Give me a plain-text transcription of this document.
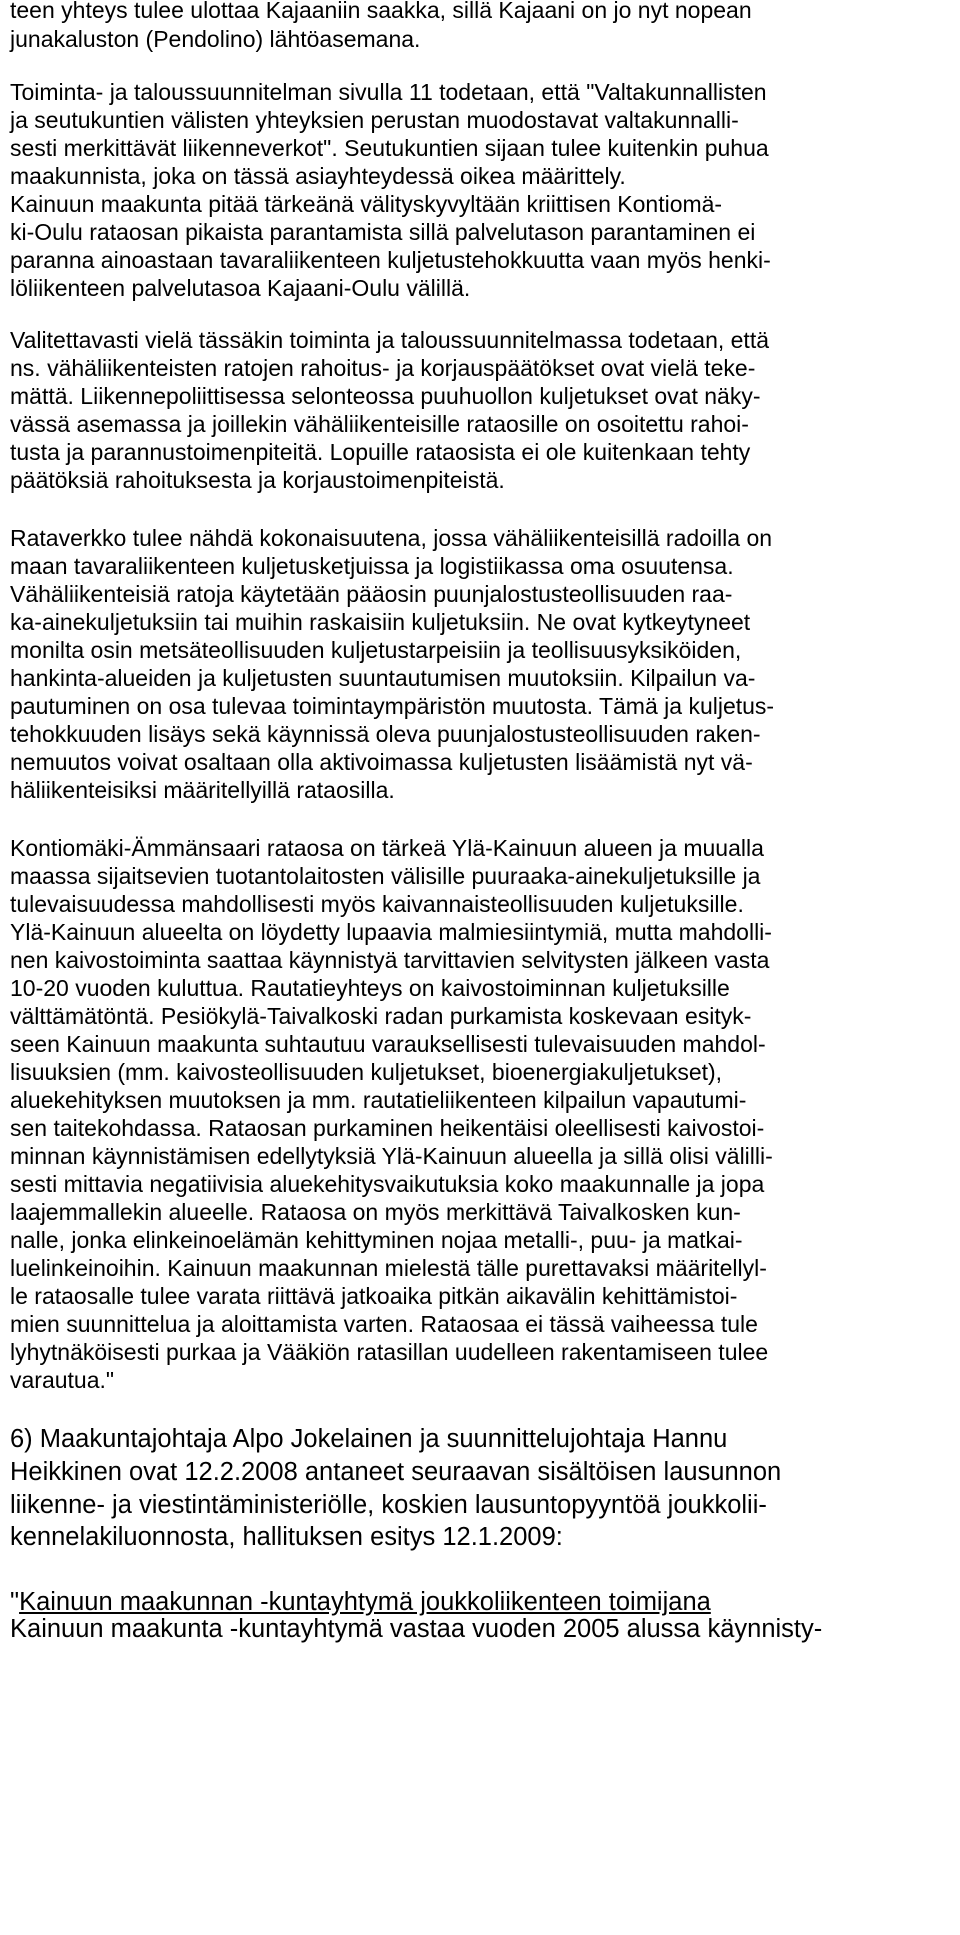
teen yhteys tulee ulottaa Kajaaniin saakka, sillä Kajaani on jo nyt nopean

junakaluston (Pendolino) lähtöasemana.

Toiminta- ja taloussuunnitelman sivulla 11 todetaan, että "Valtakunnallisten

ja seutukuntien välisten yhteyksien perustan muodostavat valtakunnalli-

sesti merkittävät liikenneverkot". Seutukuntien sijaan tulee kuitenkin puhua

maakunnista, joka on tässä asiayhteydessä oikea määrittely.

Kainuun maakunta pitää tärkeänä välityskyvyltään kriittisen Kontiomä-

ki-Oulu rataosan pikaista parantamista sillä palvelutason parantaminen ei

paranna ainoastaan tavaraliikenteen kuljetustehokkuutta vaan myös henki-

löliikenteen palvelutasoa Kajaani-Oulu välillä.

Valitettavasti vielä tässäkin toiminta ja taloussuunnitelmassa todetaan, että

ns. vähäliikenteisten ratojen rahoitus- ja korjauspäätökset ovat vielä teke-

mättä. Liikennepoliittisessa selonteossa puuhuollon kuljetukset ovat näky-

vässä asemassa ja joillekin vähäliikenteisille rataosille on osoitettu rahoi-

tusta ja parannustoimenpiteitä. Lopuille rataosista ei ole kuitenkaan tehty

päätöksiä rahoituksesta ja korjaustoimenpiteistä.

Rataverkko tulee nähdä kokonaisuutena, jossa vähäliikenteisillä radoilla on

maan tavaraliikenteen kuljetusketjuissa ja logistiikassa oma osuutensa.

Vähäliikenteisiä ratoja käytetään pääosin puunjalostusteollisuuden raa-

ka-ainekuljetuksiin tai muihin raskaisiin kuljetuksiin. Ne ovat kytkeytyneet

monilta osin metsäteollisuuden kuljetustarpeisiin ja teollisuusyksiköiden,

hankinta-alueiden ja kuljetusten suuntautumisen muutoksiin. Kilpailun va-

pautuminen on osa tulevaa toimintaympäristön muutosta. Tämä ja kuljetus-

tehokkuuden lisäys sekä käynnissä oleva puunjalostusteollisuuden raken-

nemuutos voivat osaltaan olla aktivoimassa kuljetusten lisäämistä nyt vä-

häliikenteisiksi määritellyillä rataosilla.

Kontiomäki-Ämmänsaari rataosa on tärkeä Ylä-Kainuun alueen ja muualla

maassa sijaitsevien tuotantolaitosten välisille puuraaka-ainekuljetuksille ja

tulevaisuudessa mahdollisesti myös kaivannaisteollisuuden kuljetuksille.

Ylä-Kainuun alueelta on löydetty lupaavia malmiesiintymiä, mutta mahdolli-

nen kaivostoiminta saattaa käynnistyä tarvittavien selvitysten jälkeen vasta

10-20 vuoden kuluttua. Rautatieyhteys on kaivostoiminnan kuljetuksille

välttämätöntä. Pesiökylä-Taivalkoski radan purkamista koskevaan esityk-

seen Kainuun maakunta suhtautuu varauksellisesti tulevaisuuden mahdol-

lisuuksien (mm. kaivosteollisuuden kuljetukset, bioenergiakuljetukset),

aluekehityksen muutoksen ja mm. rautatieliikenteen kilpailun vapautumi-

sen taitekohdassa. Rataosan purkaminen heikentäisi oleellisesti kaivostoi-

minnan käynnistämisen edellytyksiä Ylä-Kainuun alueella ja sillä olisi välilli-

sesti mittavia negatiivisia aluekehitysvaikutuksia koko maakunnalle ja jopa

laajemmallekin alueelle. Rataosa on myös merkittävä Taivalkosken kun-

nalle, jonka elinkeinoelämän kehittyminen nojaa metalli-, puu- ja matkai-

luelinkeinoihin. Kainuun maakunnan mielestä tälle purettavaksi määritellyl-

le rataosalle tulee varata riittävä jatkoaika pitkän aikavälin kehittämistoi-

mien suunnittelua ja aloittamista varten. Rataosaa ei tässä vaiheessa tule

lyhytnäköisesti purkaa ja Vääkiön ratasillan uudelleen rakentamiseen tulee

varautua."

6) Maakuntajohtaja Alpo Jokelainen ja suunnittelujohtaja Hannu

Heikkinen ovat 12.2.2008 antaneet seuraavan sisältöisen lausunnon

liikenne- ja viestintäministeriölle, koskien lausuntopyyntöä joukkolii-

kennelakiluonnosta, hallituksen esitys 12.1.2009:

"Kainuun maakunnan -kuntayhtymä joukkoliikenteen toimijana

Kainuun maakunta -kuntayhtymä vastaa vuoden 2005 alussa käynnisty-
